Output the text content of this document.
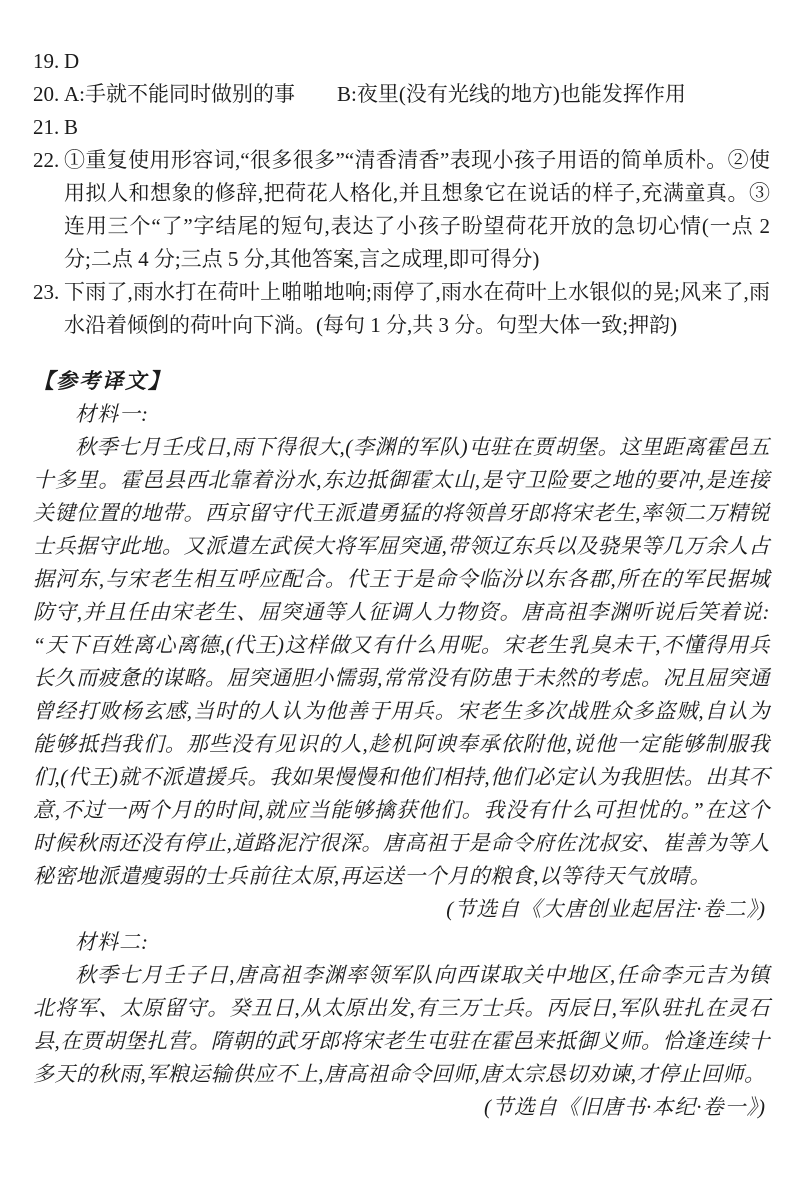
19. D

20. A:手就不能同时做别的事　　B:夜里(没有光线的地方)也能发挥作用

21. B

22. ①重复使用形容词,“很多很多”“清香清香”表现小孩子用语的简单质朴。②使用拟人和想象的修辞,把荷花人格化,并且想象它在说话的样子,充满童真。③连用三个“了”字结尾的短句,表达了小孩子盼望荷花开放的急切心情(一点 2 分;二点 4 分;三点 5 分,其他答案,言之成理,即可得分)

23. 下雨了,雨水打在荷叶上啪啪地响;雨停了,雨水在荷叶上水银似的晃;风来了,雨水沿着倾倒的荷叶向下淌。(每句 1 分,共 3 分。句型大体一致;押韵)

【参考译文】

材料一:

秋季七月壬戌日,雨下得很大,(李渊的军队)屯驻在贾胡堡。这里距离霍邑五十多里。霍邑县西北靠着汾水,东边抵御霍太山,是守卫险要之地的要冲,是连接关键位置的地带。西京留守代王派遣勇猛的将领兽牙郎将宋老生,率领二万精锐士兵据守此地。又派遣左武侯大将军屈突通,带领辽东兵以及骁果等几万余人占据河东,与宋老生相互呼应配合。代王于是命令临汾以东各郡,所在的军民据城防守,并且任由宋老生、屈突通等人征调人力物资。唐高祖李渊听说后笑着说:“天下百姓离心离德,(代王)这样做又有什么用呢。宋老生乳臭未干,不懂得用兵长久而疲惫的谋略。屈突通胆小懦弱,常常没有防患于未然的考虑。况且屈突通曾经打败杨玄感,当时的人认为他善于用兵。宋老生多次战胜众多盗贼,自认为能够抵挡我们。那些没有见识的人,趁机阿谀奉承依附他,说他一定能够制服我们,(代王)就不派遣援兵。我如果慢慢和他们相持,他们必定认为我胆怯。出其不意,不过一两个月的时间,就应当能够擒获他们。我没有什么可担忧的。”在这个时候秋雨还没有停止,道路泥泞很深。唐高祖于是命令府佐沈叔安、崔善为等人秘密地派遣瘦弱的士兵前往太原,再运送一个月的粮食,以等待天气放晴。

(节选自《大唐创业起居注·卷二》)

材料二:

秋季七月壬子日,唐高祖李渊率领军队向西谋取关中地区,任命李元吉为镇北将军、太原留守。癸丑日,从太原出发,有三万士兵。丙辰日,军队驻扎在灵石县,在贾胡堡扎营。隋朝的武牙郎将宋老生屯驻在霍邑来抵御义师。恰逢连续十多天的秋雨,军粮运输供应不上,唐高祖命令回师,唐太宗恳切劝谏,才停止回师。

(节选自《旧唐书·本纪·卷一》)
